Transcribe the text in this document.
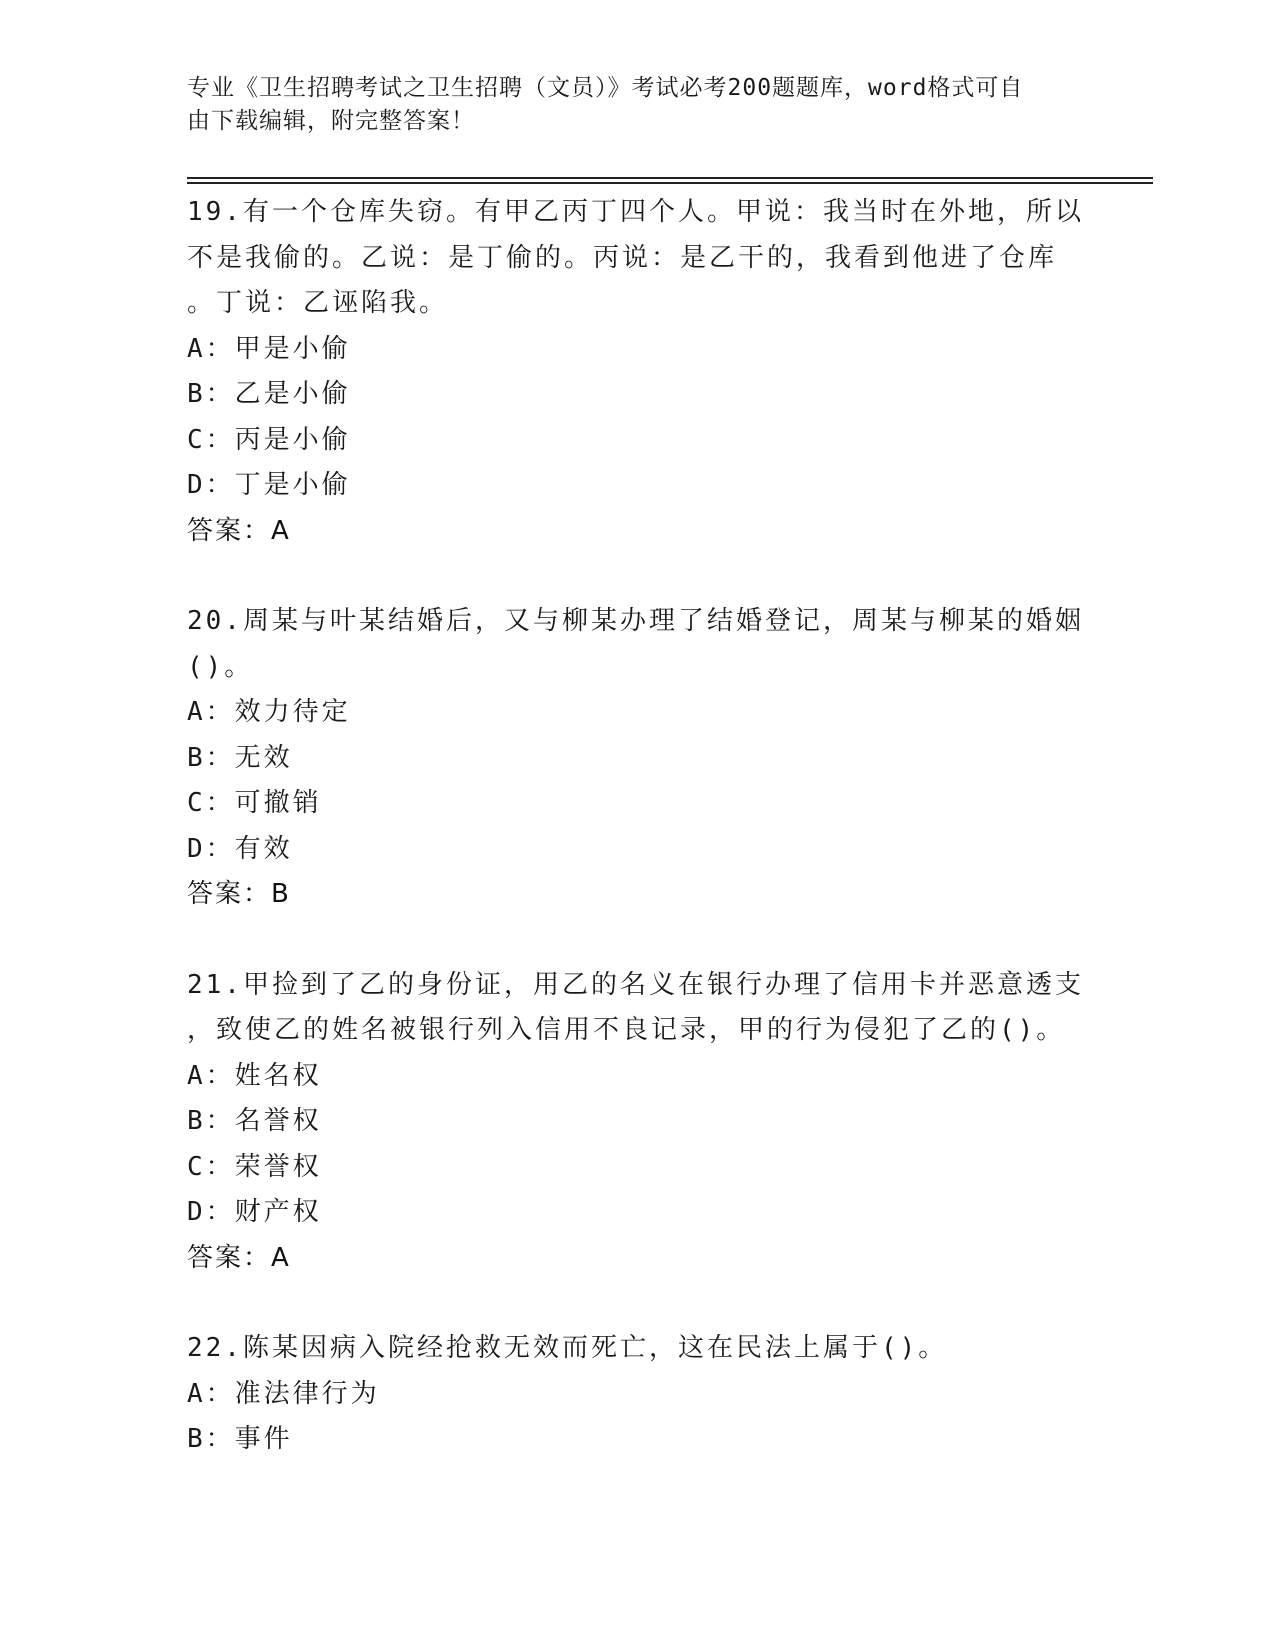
专业《卫生招聘考试之卫生招聘（文员）》考试必考200题题库，word格式可自
由下载编辑，附完整答案！
19.有一个仓库失窃。有甲乙丙丁四个人。甲说：我当时在外地，所以
不是我偷的。乙说：是丁偷的。丙说：是乙干的，我看到他进了仓库
。丁说：乙诬陷我。
A：甲是小偷
B：乙是小偷
C：丙是小偷
D：丁是小偷
答案：A
20.周某与叶某结婚后，又与柳某办理了结婚登记，周某与柳某的婚姻
()。
A：效力待定
B：无效
C：可撤销
D：有效
答案：B
21.甲捡到了乙的身份证，用乙的名义在银行办理了信用卡并恶意透支
，致使乙的姓名被银行列入信用不良记录，甲的行为侵犯了乙的()。
A：姓名权
B：名誉权
C：荣誉权
D：财产权
答案：A
22.陈某因病入院经抢救无效而死亡，这在民法上属于()。
A：准法律行为
B：事件
